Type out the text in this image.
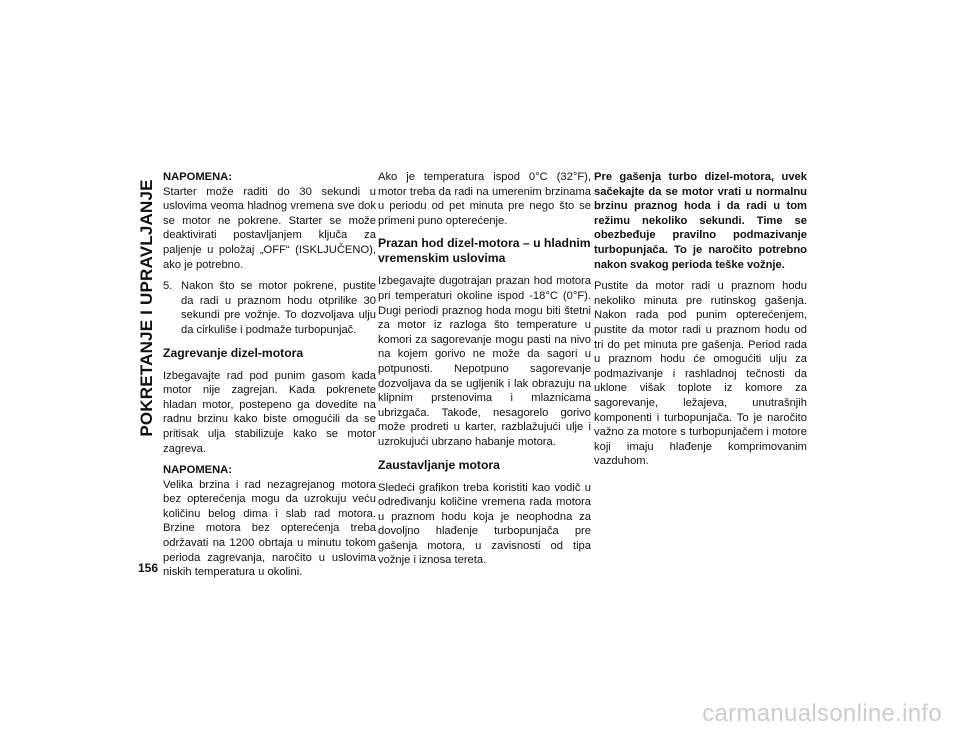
POKRETANJE I UPRAVLJANJE

NAPOMENA:
Starter može raditi do 30 sekundi u uslovima veoma hladnog vremena sve dok se motor ne pokrene. Starter se može deaktivirati postavljanjem ključa za paljenje u položaj „OFF“ (ISKLJUČENO), ako je potrebno.

5. Nakon što se motor pokrene, pustite da radi u praznom hodu otprilike 30 sekundi pre vožnje. To dozvoljava ulju da cirkuliše i podmaže turbopunjač.
Zagrevanje dizel-motora

Izbegavajte rad pod punim gasom kada motor nije zagrejan. Kada pokrenete hladan motor, postepeno ga dovedite na radnu brzinu kako biste omogućili da se pritisak ulja stabilizuje kako se motor zagreva.

NAPOMENA:
Velika brzina i rad nezagrejanog motora bez opterećenja mogu da uzrokuju veću količinu belog dima i slab rad motora. Brzine motora bez opterećenja treba održavati na 1200 obrtaja u minutu tokom perioda zagrevanja, naročito u uslovima niskih temperatura u okolini.

Ako je temperatura ispod 0°C (32°F), motor treba da radi na umerenim brzinama u periodu od pet minuta pre nego što se primeni puno opterećenje.

Prazan hod dizel-motora – u hladnim vremenskim uslovima

Izbegavajte dugotrajan prazan hod motora pri temperaturi okoline ispod -18°C (0°F). Dugi periodi praznog hoda mogu biti štetni za motor iz razloga što temperature u komori za sagorevanje mogu pasti na nivo na kojem gorivo ne može da sagori u potpunosti. Nepotpuno sagorevanje dozvoljava da se ugljenik i lak obrazuju na klipnim prstenovima i mlaznicama ubrizgača. Takođe, nesagorelo gorivo može prodreti u karter, razblažujući ulje i uzrokujući ubrzano habanje motora.

Zaustavljanje motora

Sledeći grafikon treba koristiti kao vodič u određivanju količine vremena rada motora u praznom hodu koja je neophodna za dovoljno hlađenje turbopunjača pre gašenja motora, u zavisnosti od tipa vožnje i iznosa tereta.

Pre gašenja turbo dizel-motora, uvek sačekajte da se motor vrati u normalnu brzinu praznog hoda i da radi u tom režimu nekoliko sekundi. Time se obezbeđuje pravilno podmazivanje turbopunjača. To je naročito potrebno nakon svakog perioda teške vožnje.

Pustite da motor radi u praznom hodu nekoliko minuta pre rutinskog gašenja. Nakon rada pod punim opterećenjem, pustite da motor radi u praznom hodu od tri do pet minuta pre gašenja. Period rada u praznom hodu će omogućiti ulju za podmazivanje i rashladnoj tečnosti da uklone višak toplote iz komore za sagorevanje, ležajeva, unutrašnjih komponenti i turbopunjača. To je naročito važno za motore s turbopunjačem i motore koji imaju hlađenje komprimovanim vazduhom.

156
carmanualsonline.info
